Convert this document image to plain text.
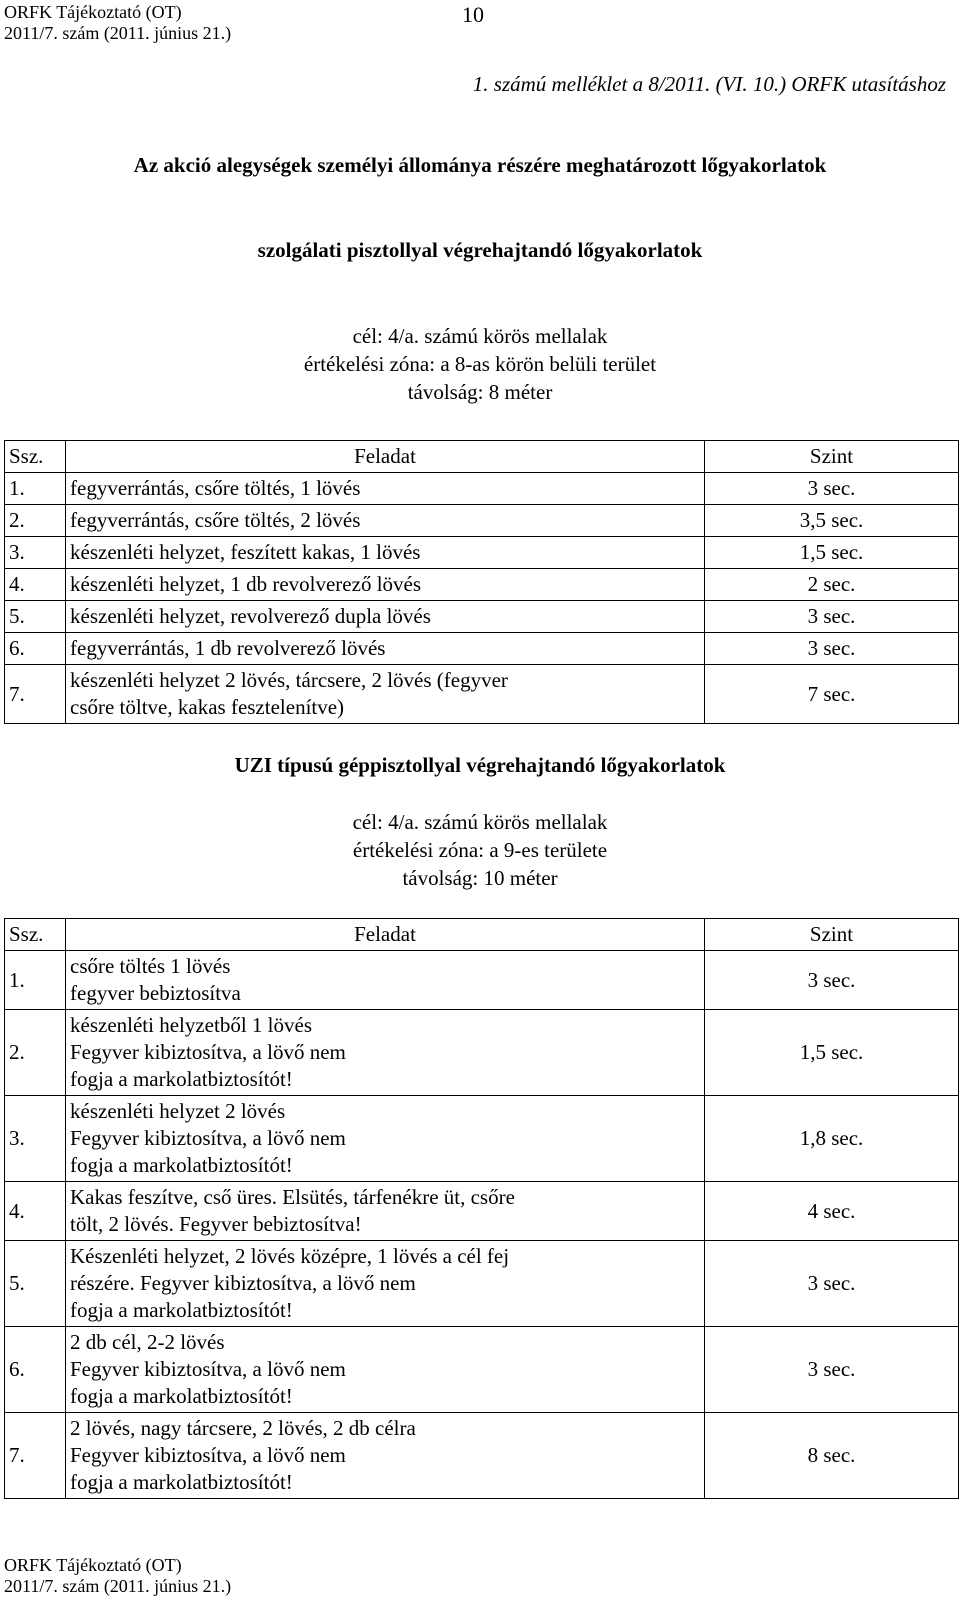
ORFK Tájékoztató (OT)
2011/7. szám (2011. június 21.)
10
1. számú melléklet a 8/2011. (VI. 10.) ORFK utasításhoz
Az akció alegységek személyi állománya részére meghatározott lőgyakorlatok
szolgálati pisztollyal végrehajtandó lőgyakorlatok
cél: 4/a. számú körös mellalak
értékelési zóna: a 8-as körön belüli terület
távolság: 8 méter
Ssz.	Feladat	Szint
1.	fegyverrántás, csőre töltés, 1 lövés	3 sec.
2.	fegyverrántás, csőre töltés, 2 lövés	3,5 sec.
3.	készenléti helyzet, feszített kakas, 1 lövés	1,5 sec.
4.	készenléti helyzet, 1 db revolverező lövés	2 sec.
5.	készenléti helyzet, revolverező dupla lövés	3 sec.
6.	fegyverrántás, 1 db revolverező lövés	3 sec.
7.	készenléti helyzet 2 lövés, tárcsere, 2 lövés (fegyver
csőre töltve, kakas fesztelenítve)	7 sec.
UZI típusú géppisztollyal végrehajtandó lőgyakorlatok
cél: 4/a. számú körös mellalak
értékelési zóna: a 9-es területe
távolság: 10 méter
Ssz.	Feladat	Szint
1.	csőre töltés 1 lövés
fegyver bebiztosítva	3 sec.
2.	készenléti helyzetből 1 lövés
Fegyver kibiztosítva, a lövő nem
fogja a markolatbiztosítót!	1,5 sec.
3.	készenléti helyzet 2 lövés
Fegyver kibiztosítva, a lövő nem
fogja a markolatbiztosítót!	1,8 sec.
4.	Kakas feszítve, cső üres. Elsütés, tárfenékre üt, csőre
tölt, 2 lövés. Fegyver bebiztosítva!	4 sec.
5.	Készenléti helyzet, 2 lövés középre, 1 lövés a cél fej
részére. Fegyver kibiztosítva, a lövő nem
fogja a markolatbiztosítót!	3 sec.
6.	2 db cél, 2-2 lövés
Fegyver kibiztosítva, a lövő nem
fogja a markolatbiztosítót!	3 sec.
7.	2 lövés, nagy tárcsere, 2 lövés, 2 db célra
Fegyver kibiztosítva, a lövő nem
fogja a markolatbiztosítót!	8 sec.
ORFK Tájékoztató (OT)
2011/7. szám (2011. június 21.)
